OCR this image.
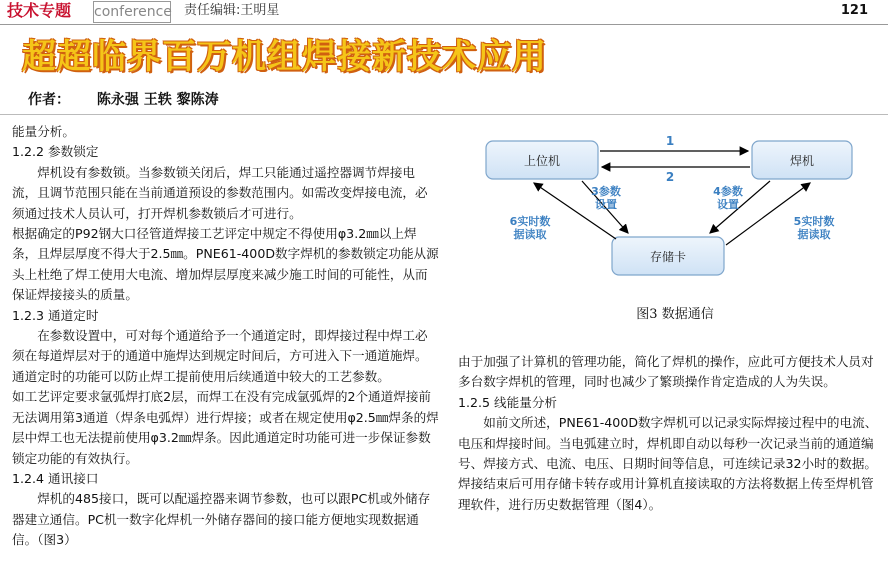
技术专题 conference 责任编辑:王明星	121
超超临界百万机组焊接新技术应用
作者： 陈永强 王轶 黎陈涛

能量分析。

1.2.2 参数锁定

焊机设有参数锁。当参数锁关闭后，焊工只能通过遥控器调节焊接电流，且调节范围只能在当前通道预设的参数范围内。如需改变焊接电流，必须通过技术人员认可，打开焊机参数锁后才可进行。

根据确定的P92钢大口径管道焊接工艺评定中规定不得使用φ3.2㎜以上焊条，且焊层厚度不得大于2.5㎜。PNE61-400D数字焊机的参数锁定功能从源头上杜绝了焊工使用大电流、增加焊层厚度来减少施工时间的可能性，从而保证焊接接头的质量。

1.2.3 通道定时

在参数设置中，可对每个通道给予一个通道定时，即焊接过程中焊工必须在每道焊层对于的通道中施焊达到规定时间后，方可进入下一通道施焊。通道定时的功能可以防止焊工提前使用后续通道中较大的工艺参数。

如工艺评定要求氩弧焊打底2层，而焊工在没有完成氩弧焊的2个通道焊接前无法调用第3通道（焊条电弧焊）进行焊接；或者在规定使用φ2.5㎜焊条的焊层中焊工也无法提前使用φ3.2㎜焊条。因此通道定时功能可进一步保证参数锁定功能的有效执行。

1.2.4 通讯接口

焊机的485接口，既可以配遥控器来调节参数，也可以跟PC机或外储存器建立通信。PC机一数字化焊机一外储存器间的接口能方便地实现数据通信。（图3）

上位机	焊机
存储卡
1
2
3参数
设置
4参数
设置
6实时数
据读取
5实时数
据读取
图3 数据通信

由于加强了计算机的管理功能，简化了焊机的操作，应此可方便技术人员对多台数字焊机的管理，同时也减少了繁琐操作肯定造成的人为失误。

1.2.5 线能量分析

如前文所述，PNE61-400D数字焊机可以记录实际焊接过程中的电流、电压和焊接时间。当电弧建立时，焊机即自动以每秒一次记录当前的通道编号、焊接方式、电流、电压、日期时间等信息，可连续记录32小时的数据。焊接结束后可用存储卡转存或用计算机直接读取的方法将数据上传至焊机管理软件，进行历史数据管理（图4）。
